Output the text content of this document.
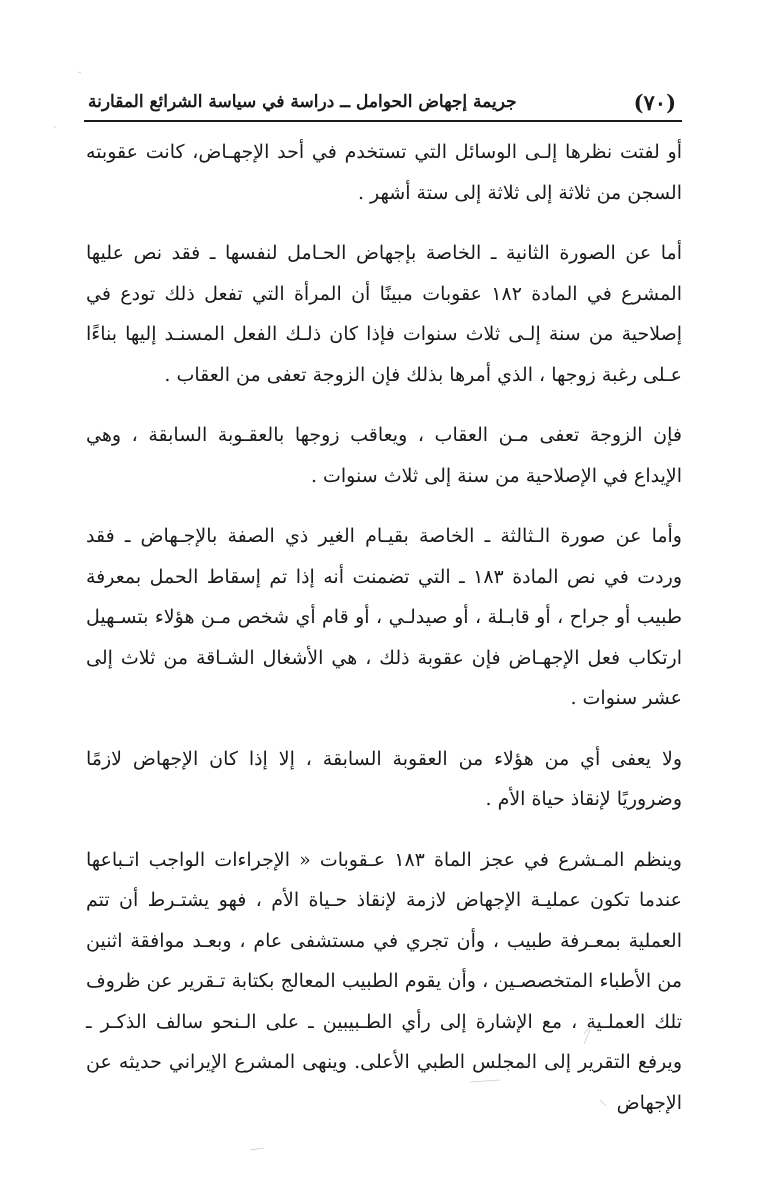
(٧٠)
جريمة إجهاض الحوامل ــ دراسة في سياسة الشرائع المقارنة

أو لفتت نظرها إلـى الوسائل التي تستخدم في أحد الإجهـاض، كانت عقوبته السجن من ثلاثة إلى ثلاثة إلى ستة أشهر .

أما عن الصورة الثانية ـ الخاصة بإجهاض الحـامل لنفسها ـ فقد نص عليها المشرع في المادة ١٨٢ عقوبات مبينًا أن المرأة التي تفعل ذلك تودع في إصلاحية من سنة إلـى ثلاث سنوات فإذا كان ذلـك الفعل المسنـد إليها بناءًا عـلى رغبة زوجها ، الذي أمرها بذلك فإن الزوجة تعفى من العقاب .

فإن الزوجة تعفى مـن العقاب ، ويعاقب زوجها بالعقـوبة السابقة ، وهي الإيداع في الإصلاحية من سنة إلى ثلاث سنوات .

وأما عن صورة الـثالثة ـ الخاصة بقيـام الغير ذي الصفة بالإجـهاض ـ فقد وردت في نص المادة ١٨٣ ـ التي تضمنت أنه إذا تم إسقاط الحمل بمعرفة طبيب أو جراح ، أو قابـلة ، أو صيدلـي ، أو قام أي شخص مـن هؤلاء بتسـهيل ارتكاب فعل الإجهـاض فإن عقوبة ذلك ، هي الأشغال الشـاقة من ثلاث إلى عشر سنوات .

ولا يعفى أي من هؤلاء من العقوبة السابقة ، إلا إذا كان الإجهاض لازمًا وضروريًا لإنقاذ حياة الأم .

وينظم المـشرع في عجز الماة ١٨٣ عـقوبات « الإجراءات الواجب اتـباعها عندما تكون عمليـة الإجهاض لازمة لإنقاذ حـياة الأم ، فهو يشتـرط أن تتم العملية بمعـرفة طبيب ، وأن تجري في مستشفى عام ، وبعـد موافقة اثنين من الأطباء المتخصصـين ، وأن يقوم الطبيب المعالج بكتابة تـقرير عن ظروف تلك العملـية ، مع الإشارة إلى رأي الطـبيبين ـ على الـنحو سالف الذكـر ـ ويرفع التقرير إلى المجلس الطبي الأعلى. وينهى المشرع الإيراني حديثه عن الإجهاض
